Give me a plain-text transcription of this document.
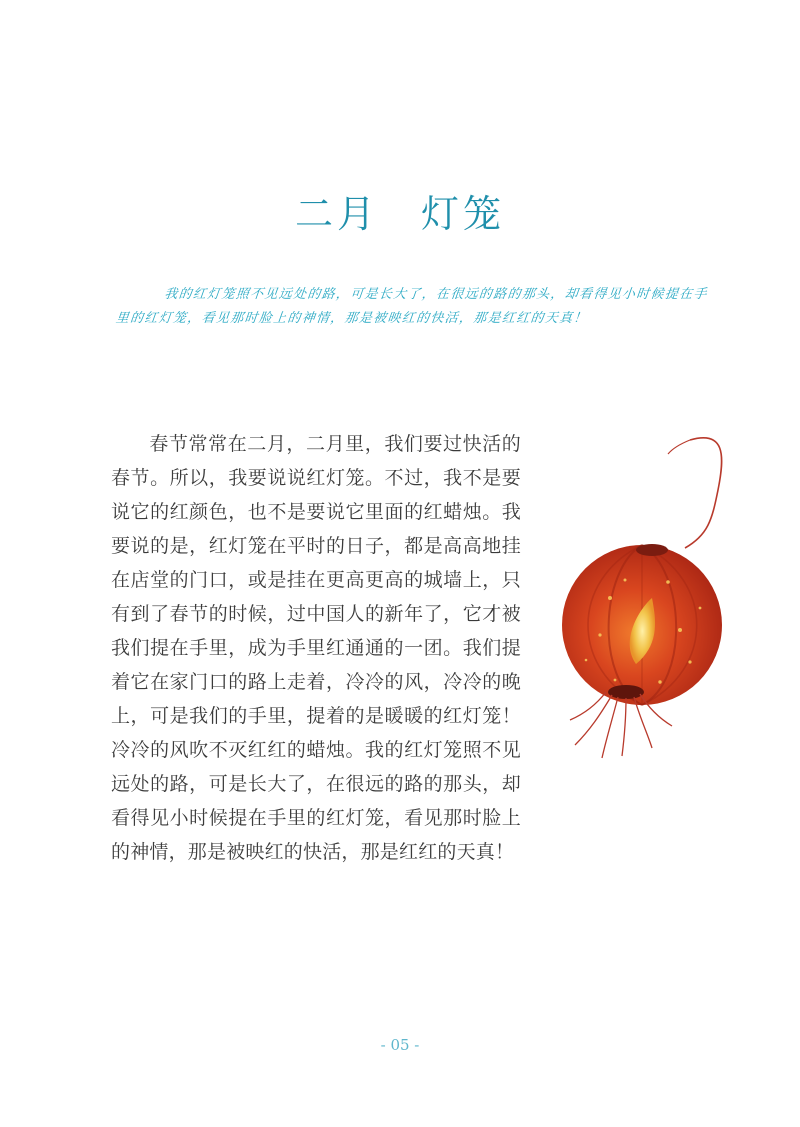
二月　灯笼
我的红灯笼照不见远处的路，可是长大了，在很远的路的那头，却看得见小时候提在手里的红灯笼，看见那时脸上的神情，那是被映红的快活，那是红红的天真！
春节常常在二月，二月里，我们要过快活的春节。所以，我要说说红灯笼。不过，我不是要说它的红颜色，也不是要说它里面的红蜡烛。我要说的是，红灯笼在平时的日子，都是高高地挂在店堂的门口，或是挂在更高更高的城墙上，只有到了春节的时候，过中国人的新年了，它才被我们提在手里，成为手里红通通的一团。我们提着它在家门口的路上走着，冷冷的风，冷冷的晚上，可是我们的手里，提着的是暖暖的红灯笼！冷冷的风吹不灭红红的蜡烛。我的红灯笼照不见远处的路，可是长大了，在很远的路的那头，却看得见小时候提在手里的红灯笼，看见那时脸上的神情，那是被映红的快活，那是红红的天真！
- 05 -
